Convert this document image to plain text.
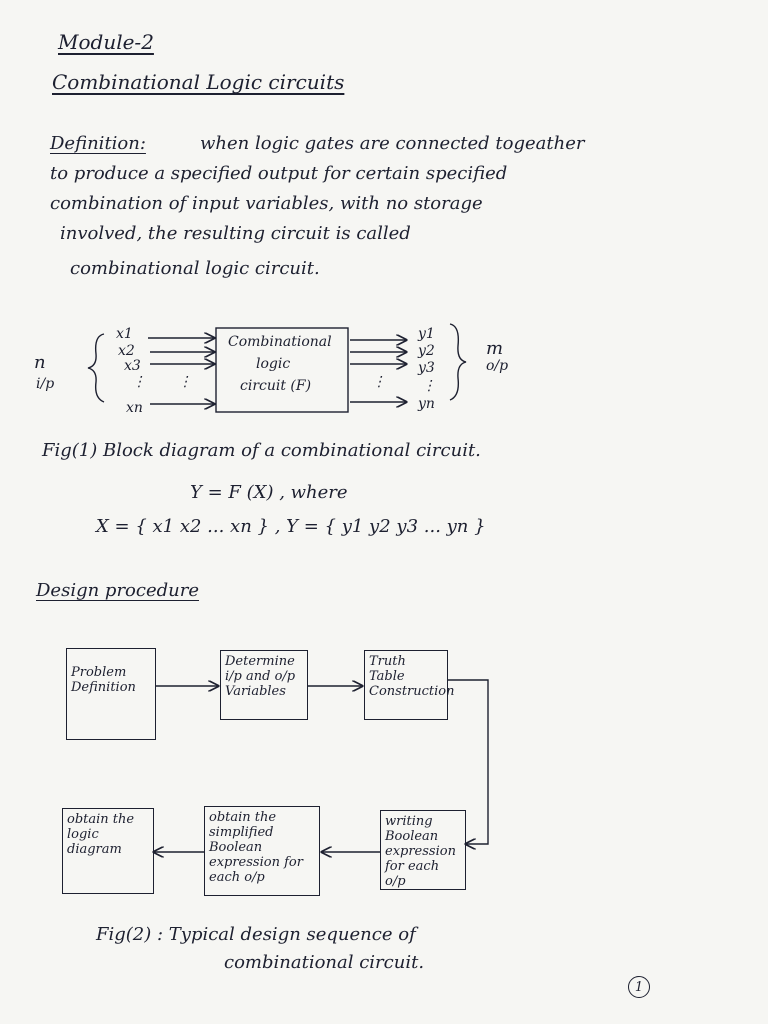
Module-2
Combinational Logic circuits
Definition:	when logic gates are connected togeather
to produce a specified output for certain specified
combination of input variables, with no storage
involved, the resulting circuit is called
combinational logic circuit.
n
i/p
x1
x2
x3
⋮
xn
⋮
Combinational
logic
circuit (F)	⋮
y1
y2
y3
⋮
yn
m
o/p
Fig(1) Block diagram of a combinational circuit.
Y = F (X) , where
X = { x1 x2 ... xn } , Y = { y1 y2 y3 ... yn }
Design procedure
Problem Definition
Determine i/p and o/p Variables
Truth Table Construction
writing Boolean expression for each o/p
obtain the simplified Boolean expression for each o/p
obtain the logic diagram
Fig(2) : Typical design sequence of
combinational circuit.
1
